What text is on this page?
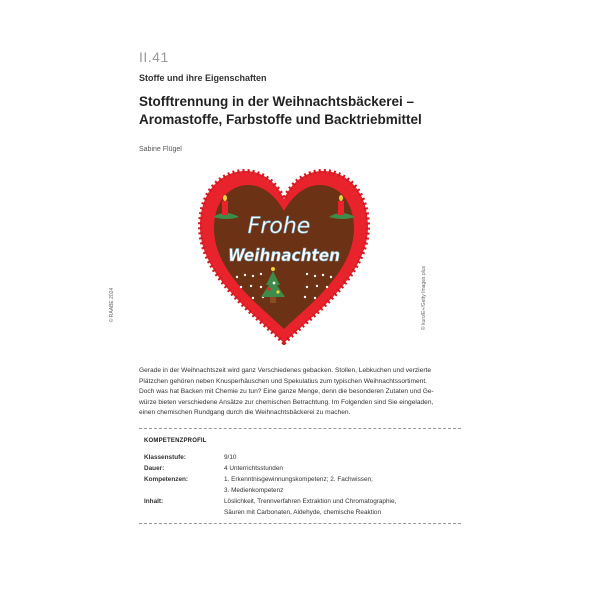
II.41
Stoffe und ihre Eigenschaften
Stofftrennung in der Weihnachtsbäckerei –
Aromastoffe, Farbstoffe und Backtriebmittel
Sabine Flügel
© RAABE 2024	© kuro/E+/Getty Images plus
Frohe
Weihnachten
Gerade in der Weihnachtszeit wird ganz Verschiedenes gebacken. Stollen, Lebkuchen und verzierte
Plätzchen gehören neben Knusperhäuschen und Spekulatius zum typischen Weihnachtssortiment.
Doch was hat Backen mit Chemie zu tun? Eine ganze Menge, denn die besonderen Zutaten und Ge-
würze bieten verschiedene Ansätze zur chemischen Betrachtung. Im Folgenden sind Sie eingeladen,
einen chemischen Rundgang durch die Weihnachtsbäckerei zu machen.
KOMPETENZPROFIL
Klassenstufe:	9/10
Dauer:	4 Unterrichtsstunden
Kompetenzen:	1. Erkenntnisgewinnungskompetenz; 2. Fachwissen;
3. Medienkompetenz
Inhalt:	Löslichkeit, Trennverfahren Extraktion und Chromatographie,
Säuren mit Carbonaten, Aldehyde, chemische Reaktion
